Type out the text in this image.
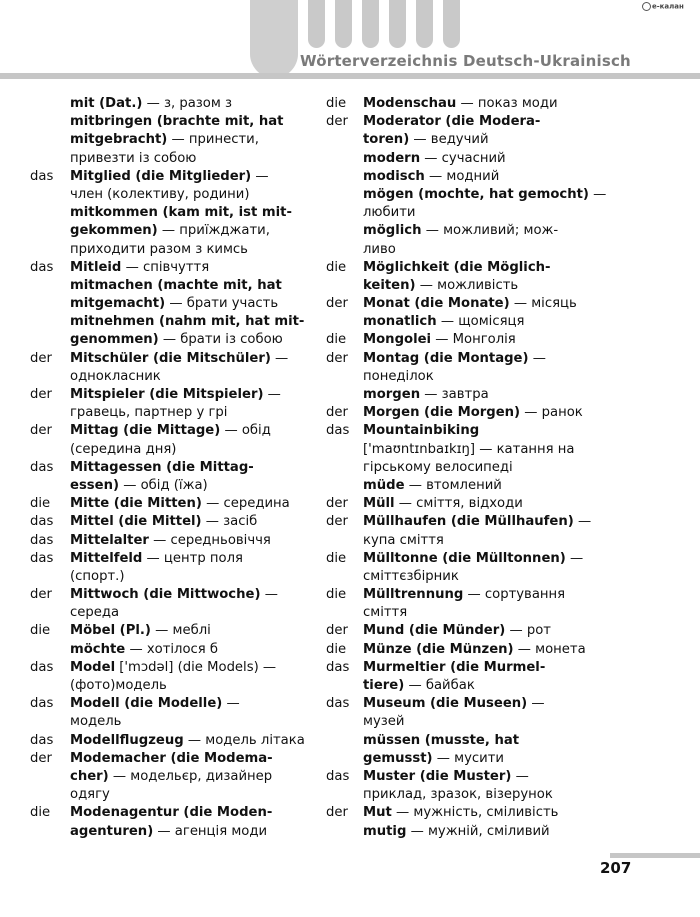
Wörterverzeichnis Deutsch-Ukrainisch
e-калан
mit (Dat.) — з, разом з
mitbringen (brachte mit, hat
mitgebracht) — принести,
привезти із собою
das Mitglied (die Mitglieder) —
член (колективу, родини)
mitkommen (kam mit, ist mit-
gekommen) — приїжджати,
приходити разом з кимсь
das Mitleid — співчуття
mitmachen (machte mit, hat
mitgemacht) — брати участь
mitnehmen (nahm mit, hat mit-
genommen) — брати із собою
der Mitschüler (die Mitschüler) —
однокласник
der Mitspieler (die Mitspieler) —
гравець, партнер у грі
der Mittag (die Mittage) — обід
(середина дня)
das Mittagessen (die Mittag-
essen) — обід (їжа)
die Mitte (die Mitten) — середина
das Mittel (die Mittel) — засіб
das Mittelalter — середньовіччя
das Mittelfeld — центр поля
(спорт.)
der Mittwoch (die Mittwoche) —
середа
die Möbel (Pl.) — меблі
möchte — хотілося б
das Model ['mɔdəl] (die Models) —
(фото)модель
das Modell (die Modelle) —
модель
das Modellflugzeug — модель літака
der Modemacher (die Modema-
cher) — модельєр, дизайнер
одягу
die Modenagentur (die Moden-
agenturen) — агенція моди
die Modenschau — показ моди
der Moderator (die Modera-
toren) — ведучий
modern — сучасний
modisch — модний
mögen (mochte, hat gemocht) —
любити
möglich — можливий; мож-
ливо
die Möglichkeit (die Möglich-
keiten) — можливість
der Monat (die Monate) — місяць
monatlich — щомісяця
die Mongolei — Монголія
der Montag (die Montage) —
понеділок
morgen — завтра
der Morgen (die Morgen) — ранок
das Mountainbiking
['maʊntɪnbaɪkɪŋ] — катання на
гірському велосипеді
müde — втомлений
der Müll — сміття, відходи
der Müllhaufen (die Müllhaufen) —
купа сміття
die Mülltonne (die Mülltonnen) —
сміттєзбірник
die Mülltrennung — сортування
сміття
der Mund (die Münder) — рот
die Münze (die Münzen) — монета
das Murmeltier (die Murmel-
tiere) — байбак
das Museum (die Museen) —
музей
müssen (musste, hat
gemusst) — мусити
das Muster (die Muster) —
приклад, зразок, візерунок
der Mut — мужність, сміливість
mutig — мужній, сміливий
207
